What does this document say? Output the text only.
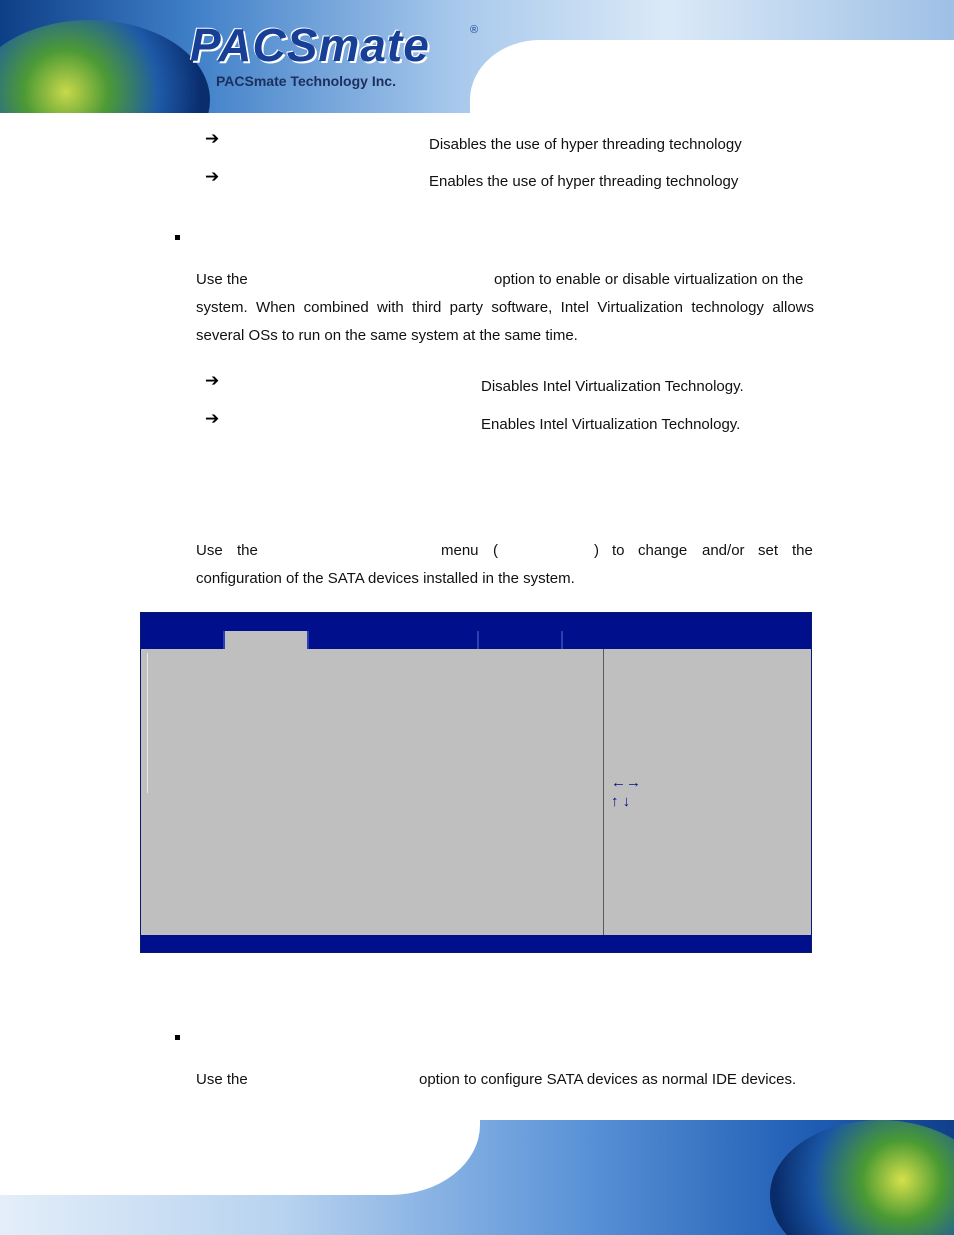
PACSmate	®
PACSmate Technology Inc.
➔	Disables the use of hyper threading technology
➔	Enables the use of hyper threading technology
Use the	option to enable or disable virtualization on the
system. When combined with third party software, Intel Virtualization technology allows
several OSs to run on the same system at the same time.
➔	Disables Intel Virtualization Technology.
➔	Enables Intel Virtualization Technology.
Use the	menu (	) to change and/or set the
configuration of the SATA devices installed in the system.
←→
↑ ↓
Use the	option to configure SATA devices as normal IDE devices.
